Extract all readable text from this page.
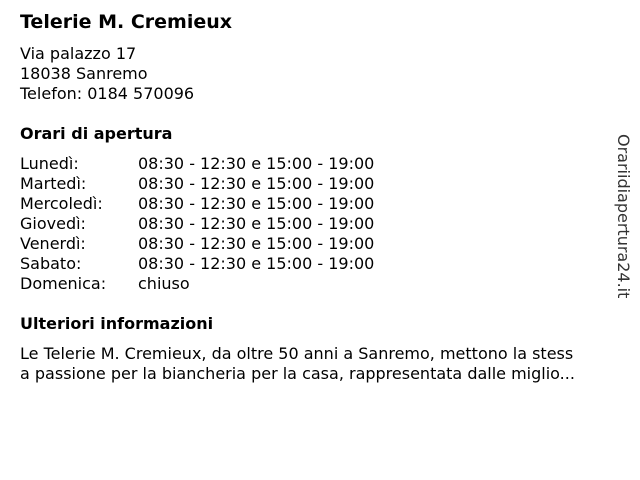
Telerie M. Cremieux
Via palazzo 17
18038 Sanremo
Telefon: 0184 570096
Orari di apertura
Lunedì:	08:30 - 12:30 e 15:00 - 19:00
Martedì:	08:30 - 12:30 e 15:00 - 19:00
Mercoledì: 08:30 - 12:30 e 15:00 - 19:00
Giovedì:	08:30 - 12:30 e 15:00 - 19:00
Venerdì:	08:30 - 12:30 e 15:00 - 19:00
Sabato:	08:30 - 12:30 e 15:00 - 19:00
Domenica: chiuso
Ulteriori informazioni
Le Telerie M. Cremieux, da oltre 50 anni a Sanremo, mettono la stess
a passione per la biancheria per la casa, rappresentata dalle miglio...
Orariidiapertura24.it
